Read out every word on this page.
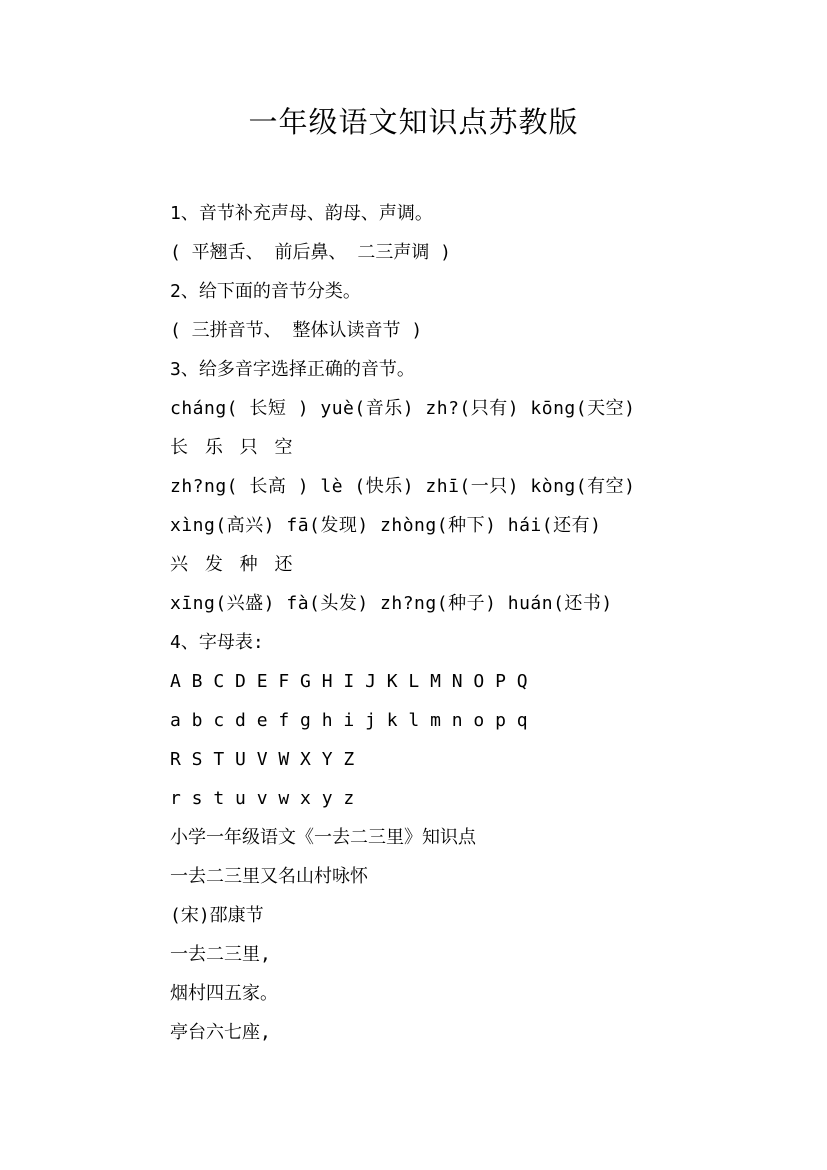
一年级语文知识点苏教版
1、音节补充声母、韵母、声调。
( 平翘舌、 前后鼻、 二三声调 )
2、给下面的音节分类。
( 三拼音节、 整体认读音节 )
3、给多音字选择正确的音节。
cháng( 长短 ) yuè(音乐) zh?(只有) kōng(天空)
长 乐 只 空
zh?ng( 长高 ) lè (快乐) zhī(一只) kòng(有空)
xìng(高兴) fā(发现) zhòng(种下) hái(还有)
兴 发 种 还
xīng(兴盛) fà(头发) zh?ng(种子) huán(还书)
4、字母表:
A B C D E F G H I J K L M N O P Q
a b c d e f g h i j k l m n o p q
R S T U V W X Y Z
r s t u v w x y z
小学一年级语文《一去二三里》知识点
一去二三里又名山村咏怀
(宋)邵康节
一去二三里,
烟村四五家。
亭台六七座,
